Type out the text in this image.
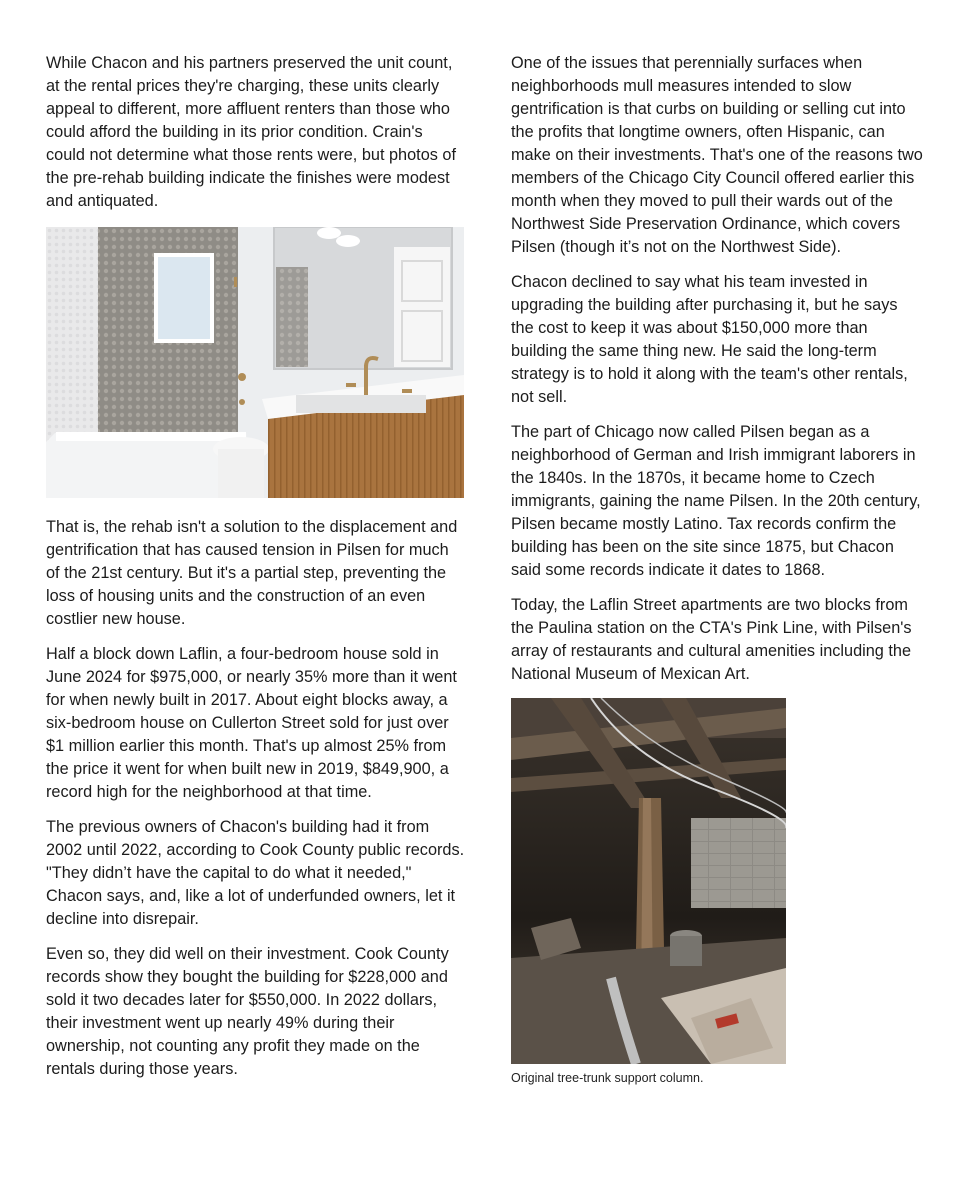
While Chacon and his partners preserved the unit count, at the rental prices they're charging, these units clearly appeal to different, more affluent renters than those who could afford the building in its prior condition. Crain's could not determine what those rents were, but photos of the pre-rehab building indicate the finishes were modest and antiquated.

That is, the rehab isn't a solution to the displacement and gentrification that has caused tension in Pilsen for much of the 21st century. But it's a partial step, preventing the loss of housing units and the construction of an even costlier new house.

Half a block down Laflin, a four-bedroom house sold in June 2024 for $975,000, or nearly 35% more than it went for when newly built in 2017. About eight blocks away, a six-bedroom house on Cullerton Street sold for just over $1 million earlier this month. That's up almost 25% from the price it went for when built new in 2019, $849,900, a record high for the neighborhood at that time.

The previous owners of Chacon's building had it from 2002 until 2022, according to Cook County public records. "They didn’t have the capital to do what it needed," Chacon says, and, like a lot of underfunded owners, let it decline into disrepair.

Even so, they did well on their investment. Cook County records show they bought the building for $228,000 and sold it two decades later for $550,000. In 2022 dollars, their investment went up nearly 49% during their ownership, not counting any profit they made on the rentals during those years.

One of the issues that perennially surfaces when neighborhoods mull measures intended to slow gentrification is that curbs on building or selling cut into the profits that longtime owners, often Hispanic, can make on their investments. That's one of the reasons two members of the Chicago City Council offered earlier this month when they moved to pull their wards out of the Northwest Side Preservation Ordinance, which covers Pilsen (though it’s not on the Northwest Side).

Chacon declined to say what his team invested in upgrading the building after purchasing it, but he says the cost to keep it was about $150,000 more than building the same thing new. He said the long-term strategy is to hold it along with the team's other rentals, not sell.

The part of Chicago now called Pilsen began as a neighborhood of German and Irish immigrant laborers in the 1840s. In the 1870s, it became home to Czech immigrants, gaining the name Pilsen. In the 20th century, Pilsen became mostly Latino. Tax records confirm the building has been on the site since 1875, but Chacon said some records indicate it dates to 1868.

Today, the Laflin Street apartments are two blocks from the Paulina station on the CTA's Pink Line, with Pilsen's array of restaurants and cultural amenities including the National Museum of Mexican Art.

Original tree-trunk support column.
